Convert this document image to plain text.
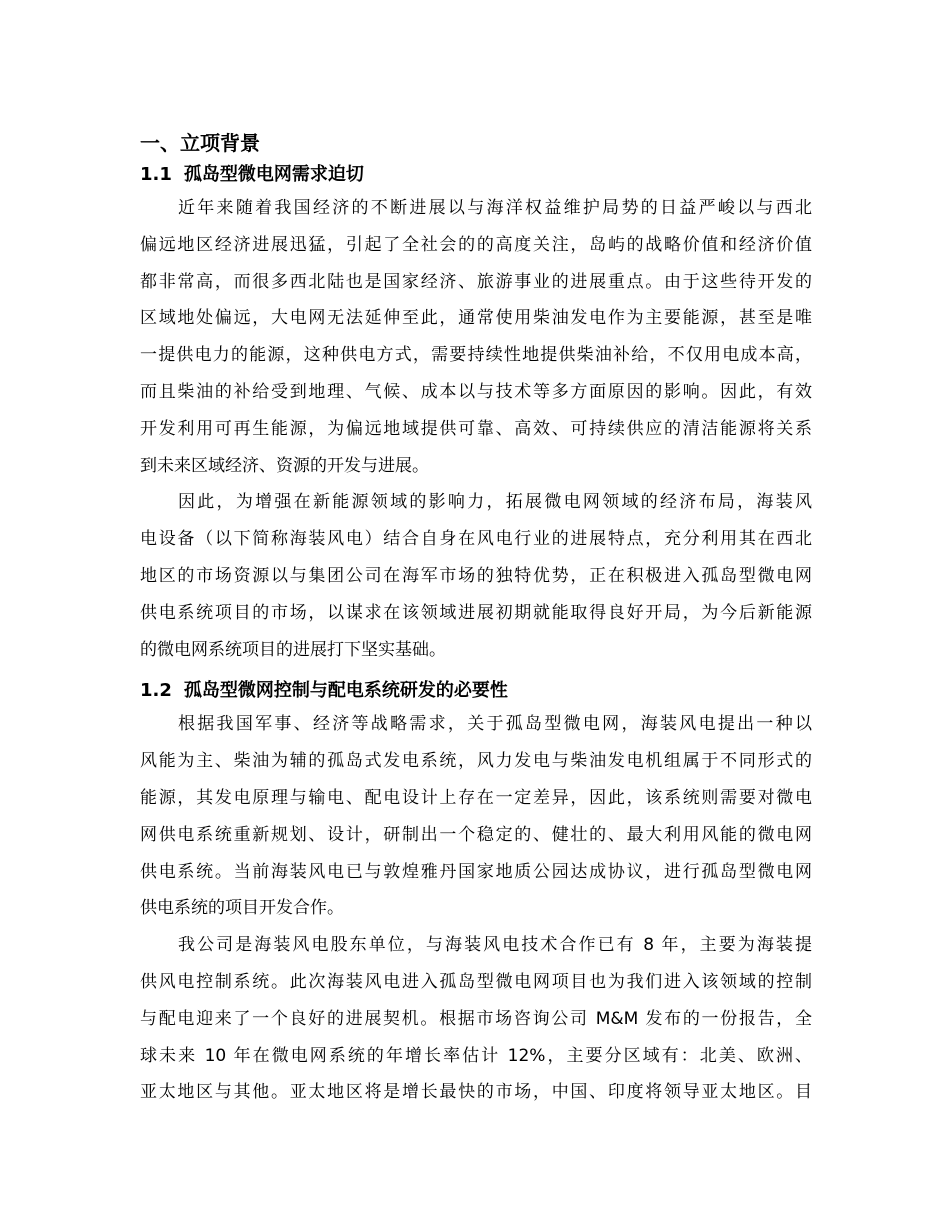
一、立项背景
1.1 孤岛型微电网需求迫切
近年来随着我国经济的不断进展以与海洋权益维护局势的日益严峻以与西北
偏远地区经济进展迅猛，引起了全社会的的高度关注，岛屿的战略价值和经济价值
都非常高，而很多西北陆也是国家经济、旅游事业的进展重点。由于这些待开发的
区域地处偏远，大电网无法延伸至此，通常使用柴油发电作为主要能源，甚至是唯
一提供电力的能源，这种供电方式，需要持续性地提供柴油补给，不仅用电成本高，
而且柴油的补给受到地理、气候、成本以与技术等多方面原因的影响。因此，有效
开发利用可再生能源，为偏远地域提供可靠、高效、可持续供应的清洁能源将关系
到未来区域经济、资源的开发与进展。
因此，为增强在新能源领域的影响力，拓展微电网领域的经济布局，海装风
电设备（以下简称海装风电）结合自身在风电行业的进展特点，充分利用其在西北
地区的市场资源以与集团公司在海军市场的独特优势，正在积极进入孤岛型微电网
供电系统项目的市场，以谋求在该领域进展初期就能取得良好开局，为今后新能源
的微电网系统项目的进展打下坚实基础。
1.2 孤岛型微网控制与配电系统研发的必要性
根据我国军事、经济等战略需求，关于孤岛型微电网，海装风电提出一种以
风能为主、柴油为辅的孤岛式发电系统，风力发电与柴油发电机组属于不同形式的
能源，其发电原理与输电、配电设计上存在一定差异，因此，该系统则需要对微电
网供电系统重新规划、设计，研制出一个稳定的、健壮的、最大利用风能的微电网
供电系统。当前海装风电已与敦煌雅丹国家地质公园达成协议，进行孤岛型微电网
供电系统的项目开发合作。
我公司是海装风电股东单位，与海装风电技术合作已有 8 年，主要为海装提
供风电控制系统。此次海装风电进入孤岛型微电网项目也为我们进入该领域的控制
与配电迎来了一个良好的进展契机。根据市场咨询公司 M&M 发布的一份报告，全
球未来 10 年在微电网系统的年增长率估计 12%，主要分区域有：北美、欧洲、
亚太地区与其他。亚太地区将是增长最快的市场，中国、印度将领导亚太地区。目
